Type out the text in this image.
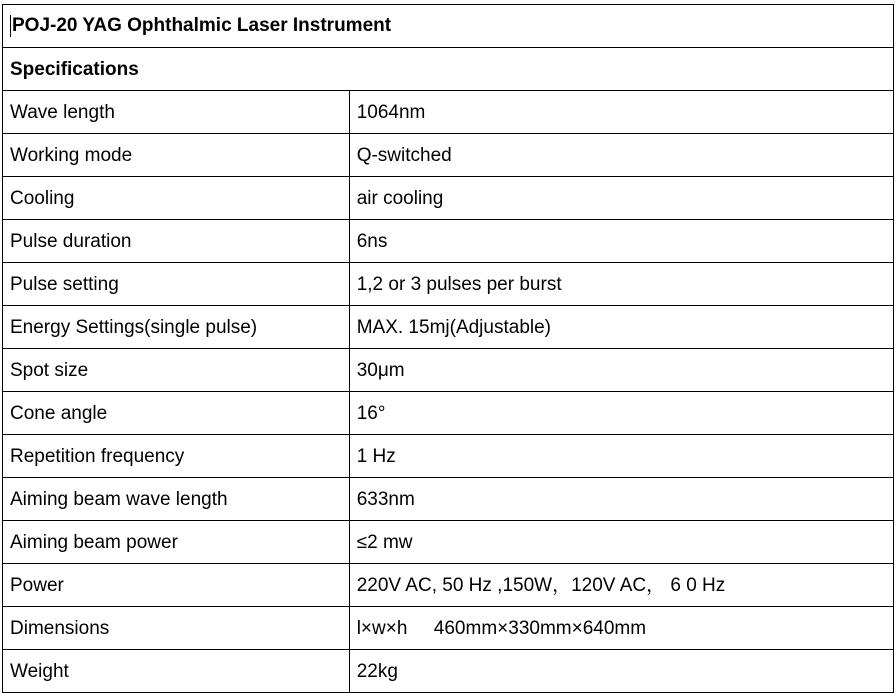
POJ-20 YAG Ophthalmic Laser Instrument	
Specifications	
Wave length	1064nm
Working mode	Q-switched
Cooling	air cooling
Pulse duration	6ns
Pulse setting	1,2 or 3 pulses per burst
Energy Settings(single pulse)	MAX. 15mj(Adjustable)
Spot size	30μm
Cone angle	16°
Repetition frequency	1 Hz
Aiming beam wave length	633nm
Aiming beam power	≤2 mw
Power	220V AC, 50 Hz ,150W，120V AC， 6 0 Hz
Dimensions	l×w×h     460mm×330mm×640mm
Weight	22kg
